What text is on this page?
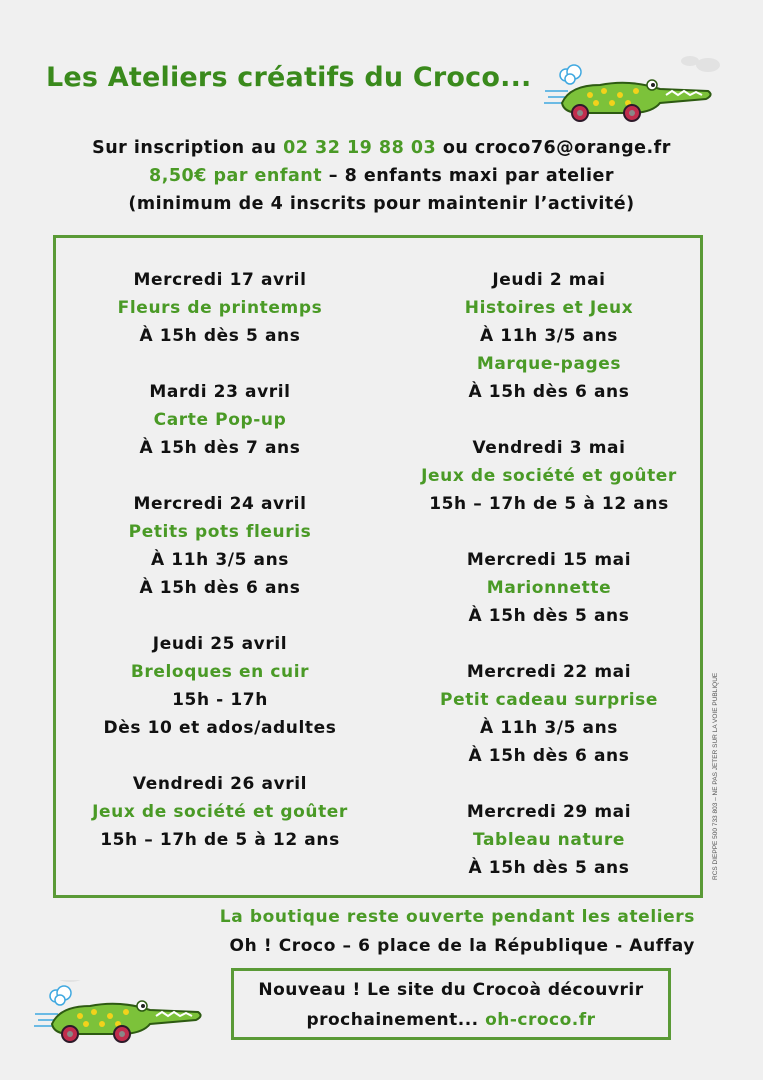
Les Ateliers créatifs du Croco...
Sur inscription au 02 32 19 88 03 ou croco76@orange.fr
8,50€ par enfant – 8 enfants maxi par atelier
(minimum de 4 inscrits pour maintenir l’activité)
Mercredi 17 avril
Fleurs de printemps
À 15h dès 5 ans
Mardi 23 avril
Carte Pop-up
À 15h dès 7 ans
Mercredi 24 avril
Petits pots fleuris
À 11h 3/5 ans
À 15h dès 6 ans
Jeudi 25 avril
Breloques en cuir
15h - 17h
Dès 10 et ados/adultes
Vendredi 26 avril
Jeux de société et goûter
15h – 17h de 5 à 12 ans
Jeudi 2 mai
Histoires et Jeux
À 11h 3/5 ans
Marque-pages
À 15h dès 6 ans
Vendredi 3 mai
Jeux de société et goûter
15h – 17h de 5 à 12 ans
Mercredi 15 mai
Marionnette
À 15h dès 5 ans
Mercredi 22 mai
Petit cadeau surprise
À 11h 3/5 ans
À 15h dès 6 ans
Mercredi 29 mai
Tableau nature
À 15h dès 5 ans	RCS DIEPPE 500 733 803 – NE PAS JETER SUR LA VOIE PUBLIQUE
La boutique reste ouverte pendant les ateliers
Oh ! Croco – 6 place de la République - Auffay
Nouveau ! Le site du Crocoà découvrir
prochainement... oh-croco.fr
